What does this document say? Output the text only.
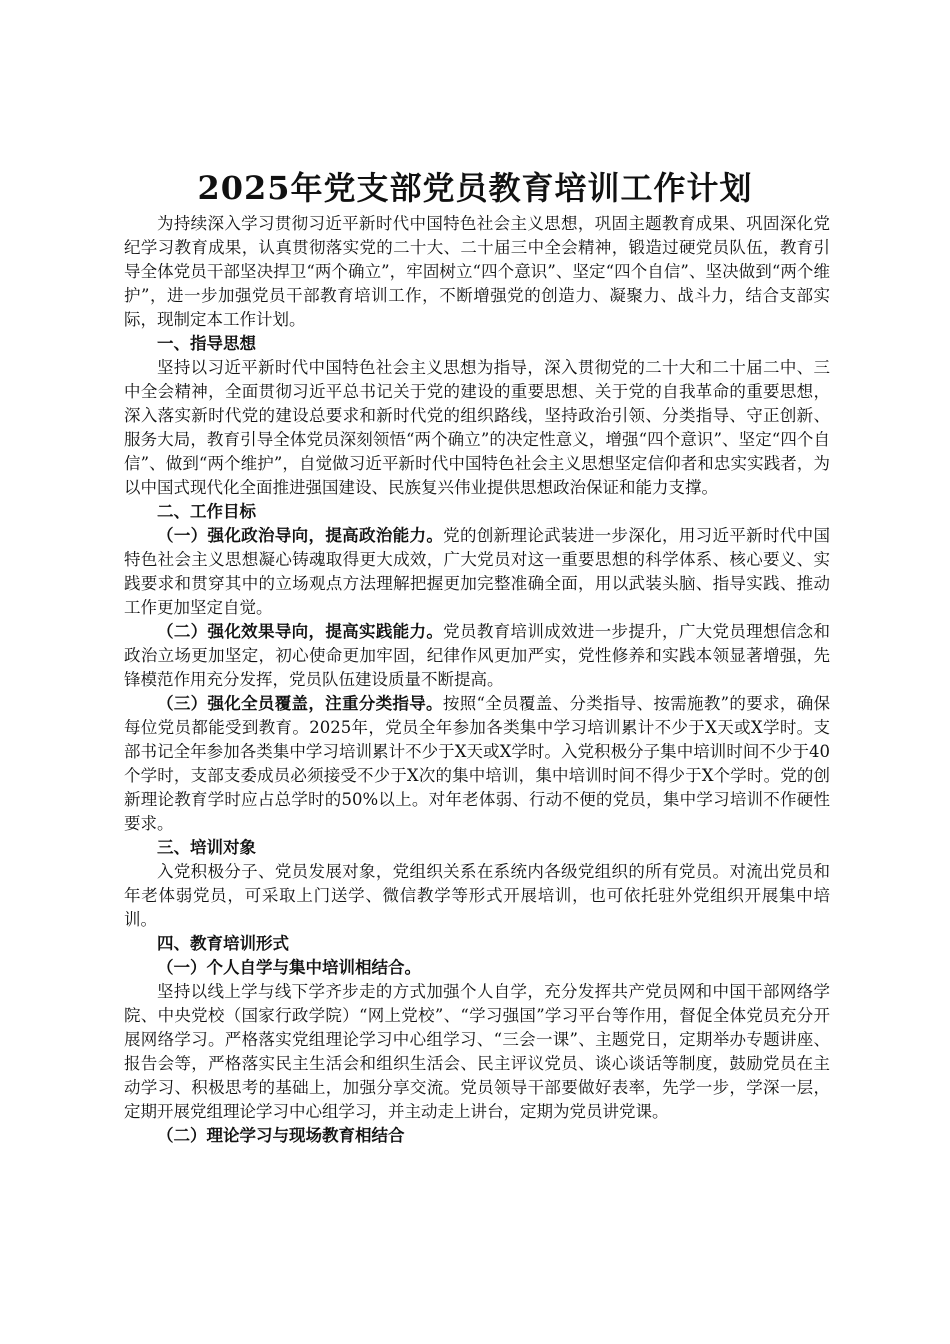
2025年党支部党员教育培训工作计划

为持续深入学习贯彻习近平新时代中国特色社会主义思想，巩固主题教育成果、巩固深化党纪学习教育成果，认真贯彻落实党的二十大、二十届三中全会精神，锻造过硬党员队伍，教育引导全体党员干部坚决捍卫“两个确立”，牢固树立“四个意识”、坚定“四个自信”、坚决做到“两个维护”，进一步加强党员干部教育培训工作，不断增强党的创造力、凝聚力、战斗力，结合支部实际，现制定本工作计划。

一、指导思想

坚持以习近平新时代中国特色社会主义思想为指导，深入贯彻党的二十大和二十届二中、三中全会精神，全面贯彻习近平总书记关于党的建设的重要思想、关于党的自我革命的重要思想，深入落实新时代党的建设总要求和新时代党的组织路线，坚持政治引领、分类指导、守正创新、服务大局，教育引导全体党员深刻领悟“两个确立”的决定性意义，增强“四个意识”、坚定“四个自信”、做到“两个维护”，自觉做习近平新时代中国特色社会主义思想坚定信仰者和忠实实践者，为以中国式现代化全面推进强国建设、民族复兴伟业提供思想政治保证和能力支撑。

二、工作目标

（一）强化政治导向，提高政治能力。党的创新理论武装进一步深化，用习近平新时代中国特色社会主义思想凝心铸魂取得更大成效，广大党员对这一重要思想的科学体系、核心要义、实践要求和贯穿其中的立场观点方法理解把握更加完整准确全面，用以武装头脑、指导实践、推动工作更加坚定自觉。

（二）强化效果导向，提高实践能力。党员教育培训成效进一步提升，广大党员理想信念和政治立场更加坚定，初心使命更加牢固，纪律作风更加严实，党性修养和实践本领显著增强，先锋模范作用充分发挥，党员队伍建设质量不断提高。

（三）强化全员覆盖，注重分类指导。按照“全员覆盖、分类指导、按需施教”的要求，确保每位党员都能受到教育。2025年，党员全年参加各类集中学习培训累计不少于X天或X学时。支部书记全年参加各类集中学习培训累计不少于X天或X学时。入党积极分子集中培训时间不少于40个学时，支部支委成员必须接受不少于X次的集中培训，集中培训时间不得少于X个学时。党的创新理论教育学时应占总学时的50%以上。对年老体弱、行动不便的党员，集中学习培训不作硬性要求。

三、培训对象

入党积极分子、党员发展对象，党组织关系在系统内各级党组织的所有党员。对流出党员和年老体弱党员，可采取上门送学、微信教学等形式开展培训，也可依托驻外党组织开展集中培训。

四、教育培训形式
（一）个人自学与集中培训相结合。

坚持以线上学与线下学齐步走的方式加强个人自学，充分发挥共产党员网和中国干部网络学院、中央党校（国家行政学院）“网上党校”、“学习强国”学习平台等作用，督促全体党员充分开展网络学习。严格落实党组理论学习中心组学习、“三会一课”、主题党日，定期举办专题讲座、报告会等，严格落实民主生活会和组织生活会、民主评议党员、谈心谈话等制度，鼓励党员在主动学习、积极思考的基础上，加强分享交流。党员领导干部要做好表率，先学一步，学深一层，定期开展党组理论学习中心组学习，并主动走上讲台，定期为党员讲党课。

（二）理论学习与现场教育相结合
